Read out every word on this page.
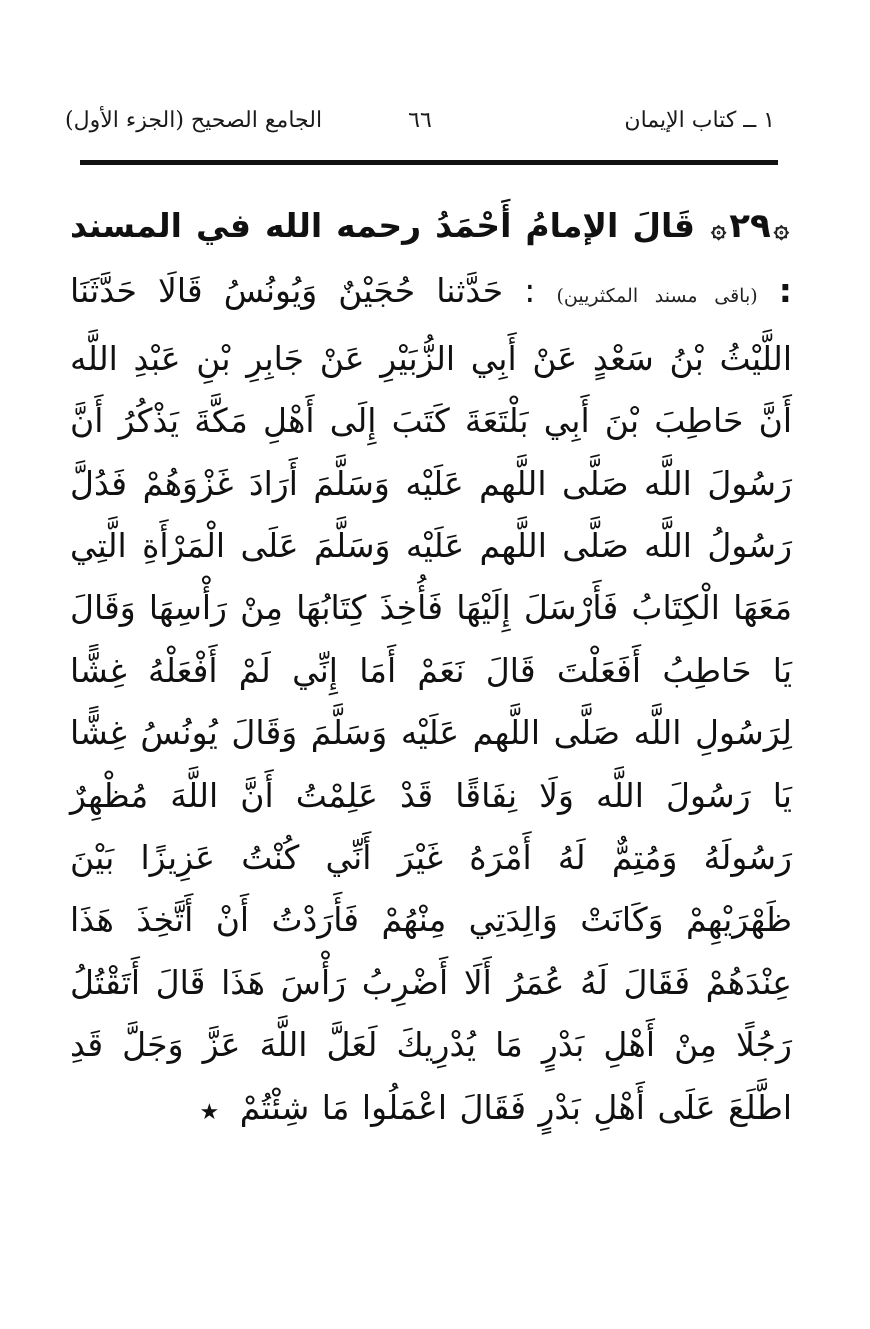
١ ــ كتاب الإيمان
٦٦
الجامع الصحيح (الجزء الأول)
۞٢٩۞ قَالَ الإمامُ أَحْمَدُ رحمه الله في المسند : (باقى مسند المكثريين) : حَدَّثنا حُجَيْنٌ وَيُونُسُ قَالَا حَدَّثَنَا اللَّيْثُ بْنُ سَعْدٍ عَنْ أَبِي الزُّبَيْرِ عَنْ جَابِرِ بْنِ عَبْدِ اللَّه أَنَّ حَاطِبَ بْنَ أَبِي بَلْتَعَةَ كَتَبَ إِلَى أَهْلِ مَكَّةَ يَذْكُرُ أَنَّ رَسُولَ اللَّه صَلَّى اللَّهم عَلَيْه وَسَلَّمَ أَرَادَ غَزْوَهُمْ فَدُلَّ رَسُولُ اللَّه صَلَّى اللَّهم عَلَيْه وَسَلَّمَ عَلَى الْمَرْأَةِ الَّتِي مَعَهَا الْكِتَابُ فَأَرْسَلَ إِلَيْهَا فَأُخِذَ كِتَابُهَا مِنْ رَأْسِهَا وَقَالَ يَا حَاطِبُ أَفَعَلْتَ قَالَ نَعَمْ أَمَا إِنِّي لَمْ أَفْعَلْهُ غِشًّا لِرَسُولِ اللَّه صَلَّى اللَّهم عَلَيْه وَسَلَّمَ وَقَالَ يُونُسُ غِشًّا يَا رَسُولَ اللَّه وَلَا نِفَاقًا قَدْ عَلِمْتُ أَنَّ اللَّهَ مُظْهِرٌ رَسُولَهُ وَمُتِمٌّ لَهُ أَمْرَهُ غَيْرَ أَنِّي كُنْتُ عَزِيزًا بَيْنَ ظَهْرَيْهِمْ وَكَانَتْ وَالِدَتِي مِنْهُمْ فَأَرَدْتُ أَنْ أَتَّخِذَ هَذَا عِنْدَهُمْ فَقَالَ لَهُ عُمَرُ أَلَا أَضْرِبُ رَأْسَ هَذَا قَالَ أَتَقْتُلُ رَجُلًا مِنْ أَهْلِ بَدْرٍ مَا يُدْرِيكَ لَعَلَّ اللَّهَ عَزَّ وَجَلَّ قَدِ اطَّلَعَ عَلَى أَهْلِ بَدْرٍ فَقَالَ اعْمَلُوا مَا شِئْتُمْ ★
